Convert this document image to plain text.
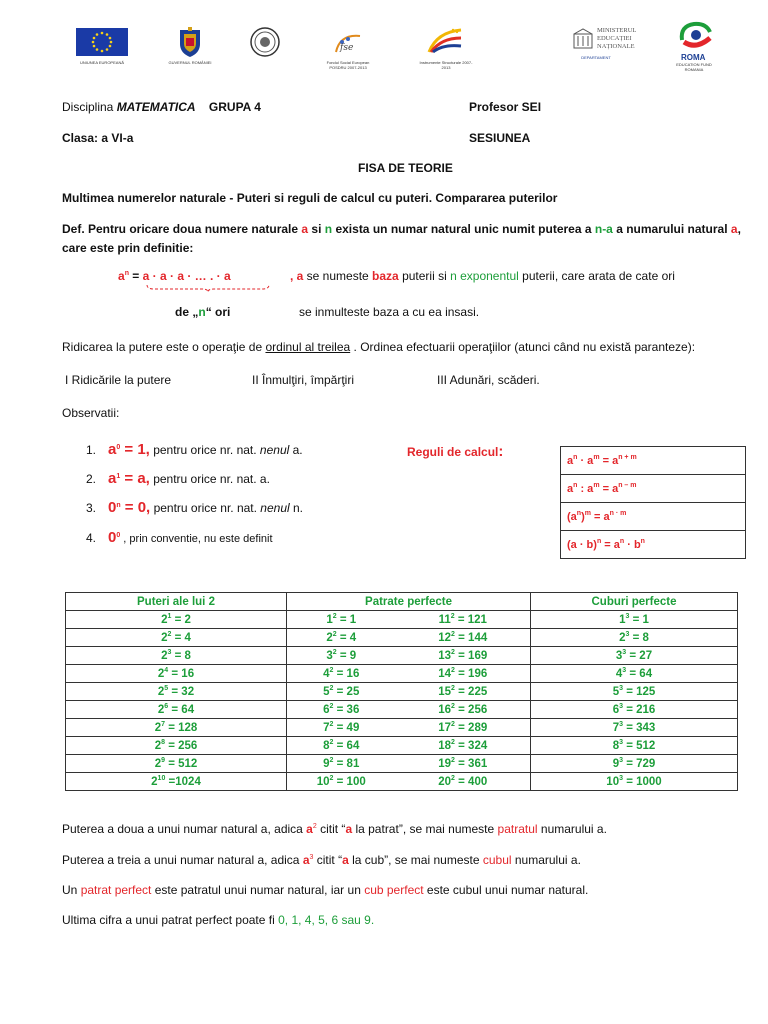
UNIUNEA EUROPEANĂ	GUVERNUL ROMÂNIEI
fse
Fondul Social European POSDRU 2007-2013
Instrumente Structurale 2007-2013
MINISTERUL
EDUCAȚIEI
NAȚIONALE
DEPARTAMENT	ROMA
EDUCATION FUND ROMANIA
Disciplina MATEMATICA GRUPA 4	Profesor SEI
Clasa: a VI-a	SESIUNEA
FISA DE TEORIE
Multimea numerelor naturale - Puteri si reguli de calcul cu puteri. Compararea puterilor
Def. Pentru oricare doua numere naturale a si n exista un numar natural unic numit puterea a n-a a numarului natural a,
care este prin definitie:
$a^n = a \cdot a \cdot a$ · … . · a	, a se numeste baza puterii si n exponentul puterii, care arata de cate ori
de „n“ ori	se inmulteste baza a cu ea insasi.
Ridicarea la putere este o operaţie de ordinul al treilea . Ordinea efectuarii operaţiilor (atunci când nu există paranteze):
I Ridicările la putere	II Înmulţiri, împărţiri	III Adunări, scăderi.
Observatii:
1. $a^0 = 1$, pentru orice nr. nat. nenul a.
2. $a^1 = a$, pentru orice nr. nat. a.
3. $0^n = 0$, pentru orice nr. nat. nenul n.
4. $0^0$ , prin conventie, nu este definit
Reguli de calcul:
$a^n \cdot a^m = a^{n + m}$
$a^n$ : $a^m = a^{n - m}$
$(a^n)^m = a^{n \cdot m}$
$(a \cdot b)^n = a^n \cdot b^n$
Puteri ale lui 2	Patrate perfecte		Cuburi perfecte
$2^1 = 2$	$1^2 = 1$	$11^2 = 121$	$1^3 = 1$
$2^2 = 4$	$2^2 = 4$	$12^2 = 144$	$2^3 = 8$
$2^3 = 8$	$3^2 = 9$	$13^2 = 169$	$3^3 = 27$
$2^4 = 16$	$4^2 = 16$	$14^2 = 196$	$4^3 = 64$
$2^5 = 32$	$5^2 = 25$	$15^2 = 225$	$5^3 = 125$
$2^6 = 64$	$6^2 = 36$	$16^2 = 256$	$6^3 = 216$
$2^7 = 128$	$7^2 = 49$	$17^2 = 289$	$7^3 = 343$
$2^8 = 256$	$8^2 = 64$	$18^2 = 324$	$8^3 = 512$
$2^9 = 512$	$9^2 = 81$	$19^2 = 361$	$9^3 = 729$
$2^{10} =1024$	$10^2 = 100$	$20^2 = 400$	$10^3 = 1000$
Puterea a doua a unui numar natural a, adica $a^2$ citit “a la patrat”, se mai numeste patratul numarului a.
Puterea a treia a unui numar natural a, adica $a^3$ citit “a la cub”, se mai numeste cubul numarului a.
Un patrat perfect este patratul unui numar natural, iar un cub perfect este cubul unui numar natural.
Ultima cifra a unui patrat perfect poate fi 0, 1, 4, 5, 6 sau 9.
